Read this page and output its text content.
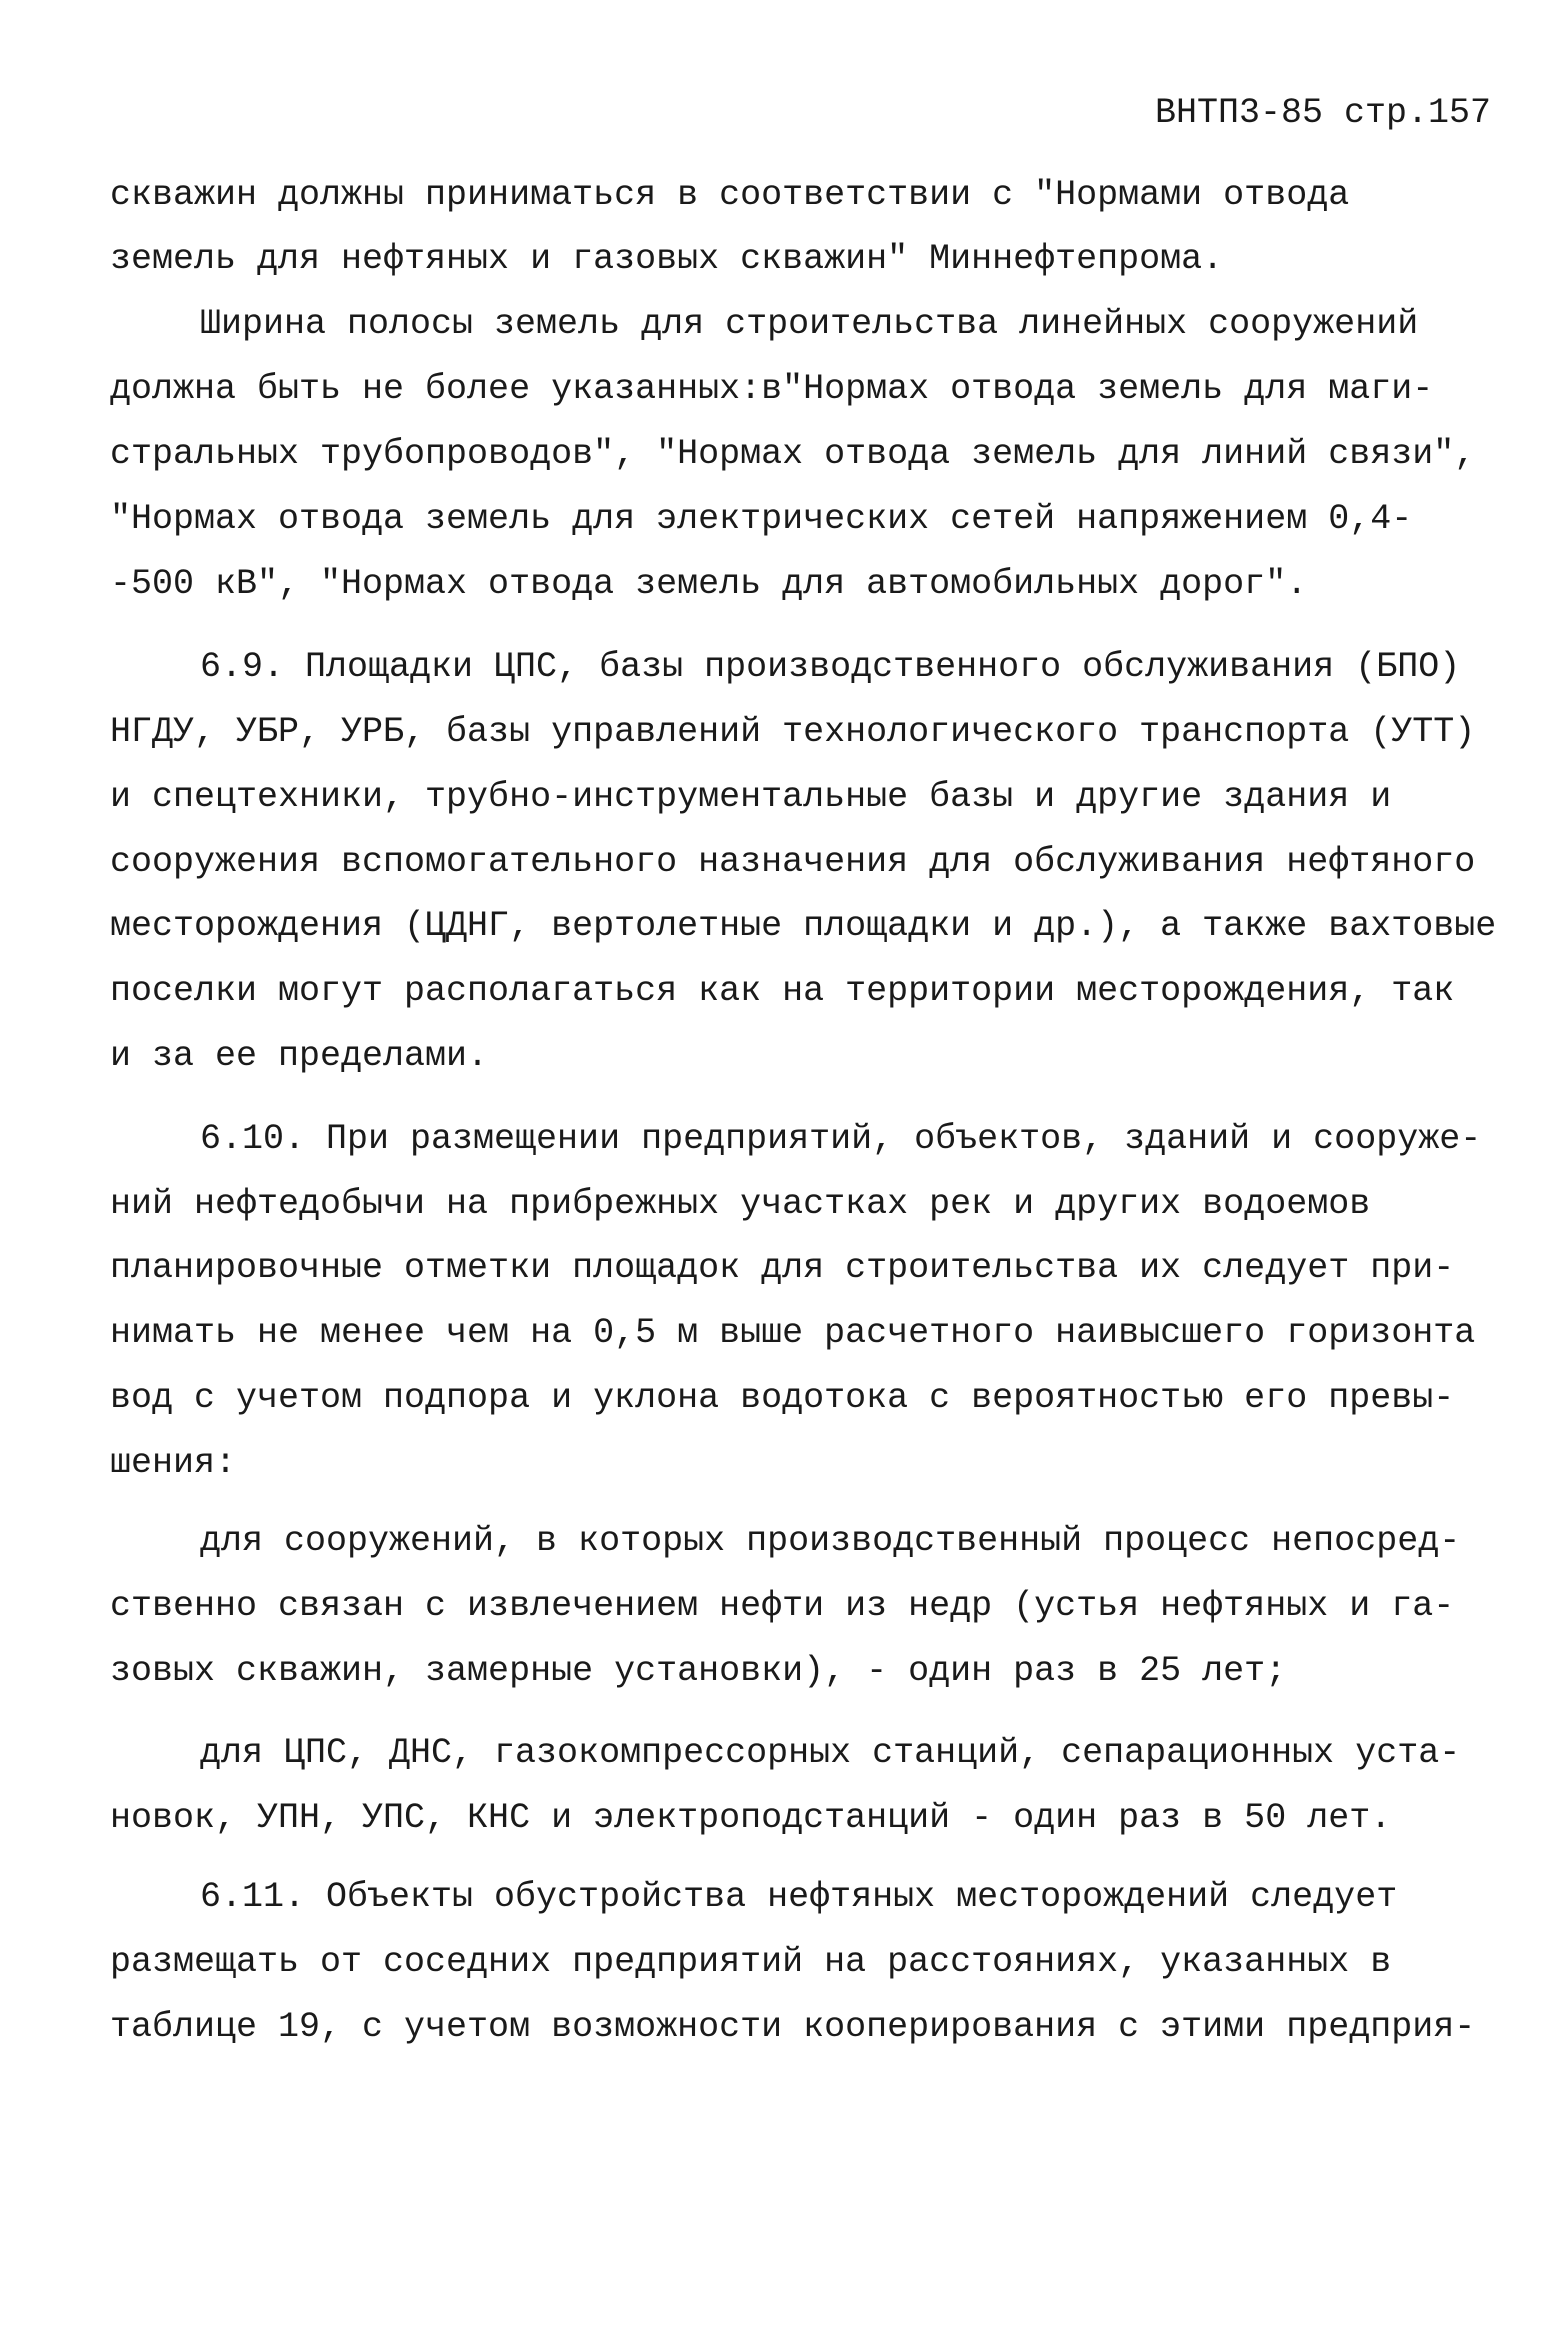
ВНТП3-85 стр.157
скважин должны приниматься в соответствии с "Нормами отвода
земель для нефтяных и газовых скважин" Миннефтепрома.
Ширина полосы земель для строительства линейных сооружений
должна быть не более указанных:в"Нормах отвода земель для маги-
стральных трубопроводов", "Нормах отвода земель для линий связи",
"Нормах отвода земель для электрических сетей напряжением 0,4-
-500 кВ", "Нормах отвода земель для автомобильных дорог".
6.9. Площадки ЦПС, базы производственного обслуживания (БПО)
НГДУ, УБР, УРБ, базы управлений технологического транспорта (УТТ)
и спецтехники, трубно-инструментальные базы и другие здания и
сооружения вспомогательного назначения для обслуживания нефтяного
месторождения (ЦДНГ, вертолетные площадки и др.), а также вахтовые
поселки могут располагаться как на территории месторождения, так
и за ее пределами.
6.10. При размещении предприятий, объектов, зданий и сооруже-
ний нефтедобычи на прибрежных участках рек и других водоемов
планировочные отметки площадок для строительства их следует при-
нимать не менее чем на 0,5 м выше расчетного наивысшего горизонта
вод с учетом подпора и уклона водотока с вероятностью его превы-
шения:
для сооружений, в которых производственный процесс непосред-
ственно связан с извлечением нефти из недр (устья нефтяных и га-
зовых скважин, замерные установки), - один раз в 25 лет;
для ЦПС, ДНС, газокомпрессорных станций, сепарационных уста-
новок, УПН, УПС, КНС и электроподстанций - один раз в 50 лет.
6.11. Объекты обустройства нефтяных месторождений следует
размещать от соседних предприятий на расстояниях, указанных в
таблице 19, с учетом возможности кооперирования с этими предприя-
